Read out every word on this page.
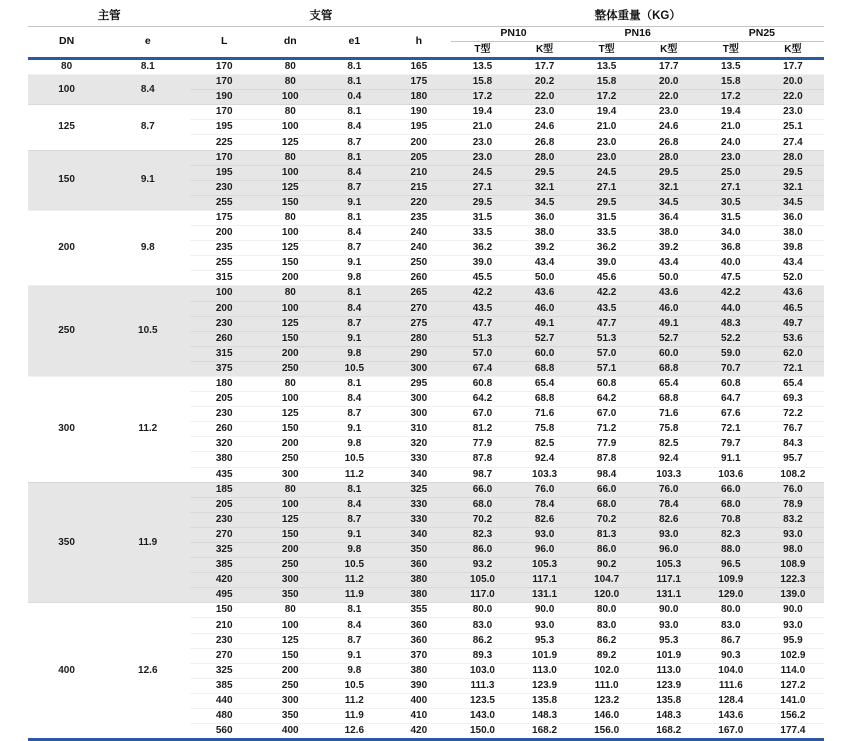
主管		支管				整体重量（KG）					
DN	e	L	dn	e1	h	PN10		PN16		PN25	
						T型	K型	T型	K型	T型	K型
80	8.1	170	80	8.1	165	13.5	17.7	13.5	17.7	13.5	17.7
100	8.4	170	80	8.1	175	15.8	20.2	15.8	20.0	15.8	20.0
		190	100	0.4	180	17.2	22.0	17.2	22.0	17.2	22.0
125	8.7	170	80	8.1	190	19.4	23.0	19.4	23.0	19.4	23.0
		195	100	8.4	195	21.0	24.6	21.0	24.6	21.0	25.1
		225	125	8.7	200	23.0	26.8	23.0	26.8	24.0	27.4
150	9.1	170	80	8.1	205	23.0	28.0	23.0	28.0	23.0	28.0
		195	100	8.4	210	24.5	29.5	24.5	29.5	25.0	29.5
		230	125	8.7	215	27.1	32.1	27.1	32.1	27.1	32.1
		255	150	9.1	220	29.5	34.5	29.5	34.5	30.5	34.5
200	9.8	175	80	8.1	235	31.5	36.0	31.5	36.4	31.5	36.0
		200	100	8.4	240	33.5	38.0	33.5	38.0	34.0	38.0
		235	125	8.7	240	36.2	39.2	36.2	39.2	36.8	39.8
		255	150	9.1	250	39.0	43.4	39.0	43.4	40.0	43.4
		315	200	9.8	260	45.5	50.0	45.6	50.0	47.5	52.0
250	10.5	100	80	8.1	265	42.2	43.6	42.2	43.6	42.2	43.6
		200	100	8.4	270	43.5	46.0	43.5	46.0	44.0	46.5
		230	125	8.7	275	47.7	49.1	47.7	49.1	48.3	49.7
		260	150	9.1	280	51.3	52.7	51.3	52.7	52.2	53.6
		315	200	9.8	290	57.0	60.0	57.0	60.0	59.0	62.0
		375	250	10.5	300	67.4	68.8	57.1	68.8	70.7	72.1
300	11.2	180	80	8.1	295	60.8	65.4	60.8	65.4	60.8	65.4
		205	100	8.4	300	64.2	68.8	64.2	68.8	64.7	69.3
		230	125	8.7	300	67.0	71.6	67.0	71.6	67.6	72.2
		260	150	9.1	310	81.2	75.8	71.2	75.8	72.1	76.7
		320	200	9.8	320	77.9	82.5	77.9	82.5	79.7	84.3
		380	250	10.5	330	87.8	92.4	87.8	92.4	91.1	95.7
		435	300	11.2	340	98.7	103.3	98.4	103.3	103.6	108.2
350	11.9	185	80	8.1	325	66.0	76.0	66.0	76.0	66.0	76.0
		205	100	8.4	330	68.0	78.4	68.0	78.4	68.0	78.9
		230	125	8.7	330	70.2	82.6	70.2	82.6	70.8	83.2
		270	150	9.1	340	82.3	93.0	81.3	93.0	82.3	93.0
		325	200	9.8	350	86.0	96.0	86.0	96.0	88.0	98.0
		385	250	10.5	360	93.2	105.3	90.2	105.3	96.5	108.9
		420	300	11.2	380	105.0	117.1	104.7	117.1	109.9	122.3
		495	350	11.9	380	117.0	131.1	120.0	131.1	129.0	139.0
400	12.6	150	80	8.1	355	80.0	90.0	80.0	90.0	80.0	90.0
		210	100	8.4	360	83.0	93.0	83.0	93.0	83.0	93.0
		230	125	8.7	360	86.2	95.3	86.2	95.3	86.7	95.9
		270	150	9.1	370	89.3	101.9	89.2	101.9	90.3	102.9
		325	200	9.8	380	103.0	113.0	102.0	113.0	104.0	114.0
		385	250	10.5	390	111.3	123.9	111.0	123.9	111.6	127.2
		440	300	11.2	400	123.5	135.8	123.2	135.8	128.4	141.0
		480	350	11.9	410	143.0	148.3	146.0	148.3	143.6	156.2
		560	400	12.6	420	150.0	168.2	156.0	168.2	167.0	177.4
